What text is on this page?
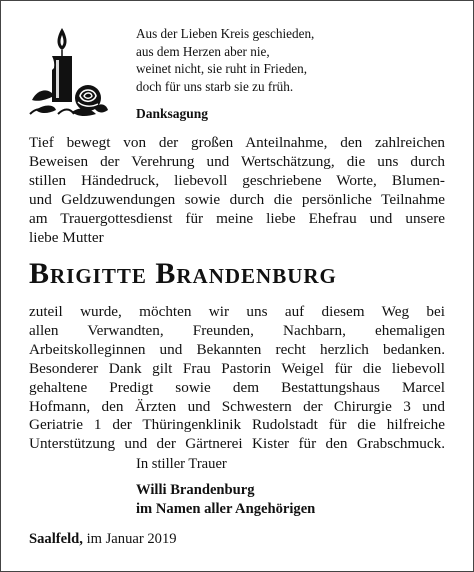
Aus der Lieben Kreis geschieden,
aus dem Herzen aber nie,
weinet nicht, sie ruht in Frieden,
doch für uns starb sie zu früh.
Danksagung
Tief bewegt von der großen Anteilnahme, den zahlreichen
Beweisen der Verehrung und Wertschätzung, die uns durch
stillen Händedruck, liebevoll geschriebene Worte, Blumen-
und Geldzuwendungen sowie durch die persönliche Teilnahme
am Trauergottesdienst für meine liebe Ehefrau und unsere
liebe Mutter
Brigitte Brandenburg
zuteil wurde, möchten wir uns auf diesem Weg bei
allen Verwandten, Freunden, Nachbarn, ehemaligen
Arbeitskolleginnen und Bekannten recht herzlich bedanken.
Besonderer Dank gilt Frau Pastorin Weigel für die liebevoll
gehaltene Predigt sowie dem Bestattungshaus Marcel
Hofmann, den Ärzten und Schwestern der Chirurgie 3 und
Geriatrie 1 der Thüringenklinik Rudolstadt für die hilfreiche
Unterstützung und der Gärtnerei Kister für den Grabschmuck.
In stiller Trauer
Willi Brandenburg
im Namen aller Angehörigen
Saalfeld, im Januar 2019
